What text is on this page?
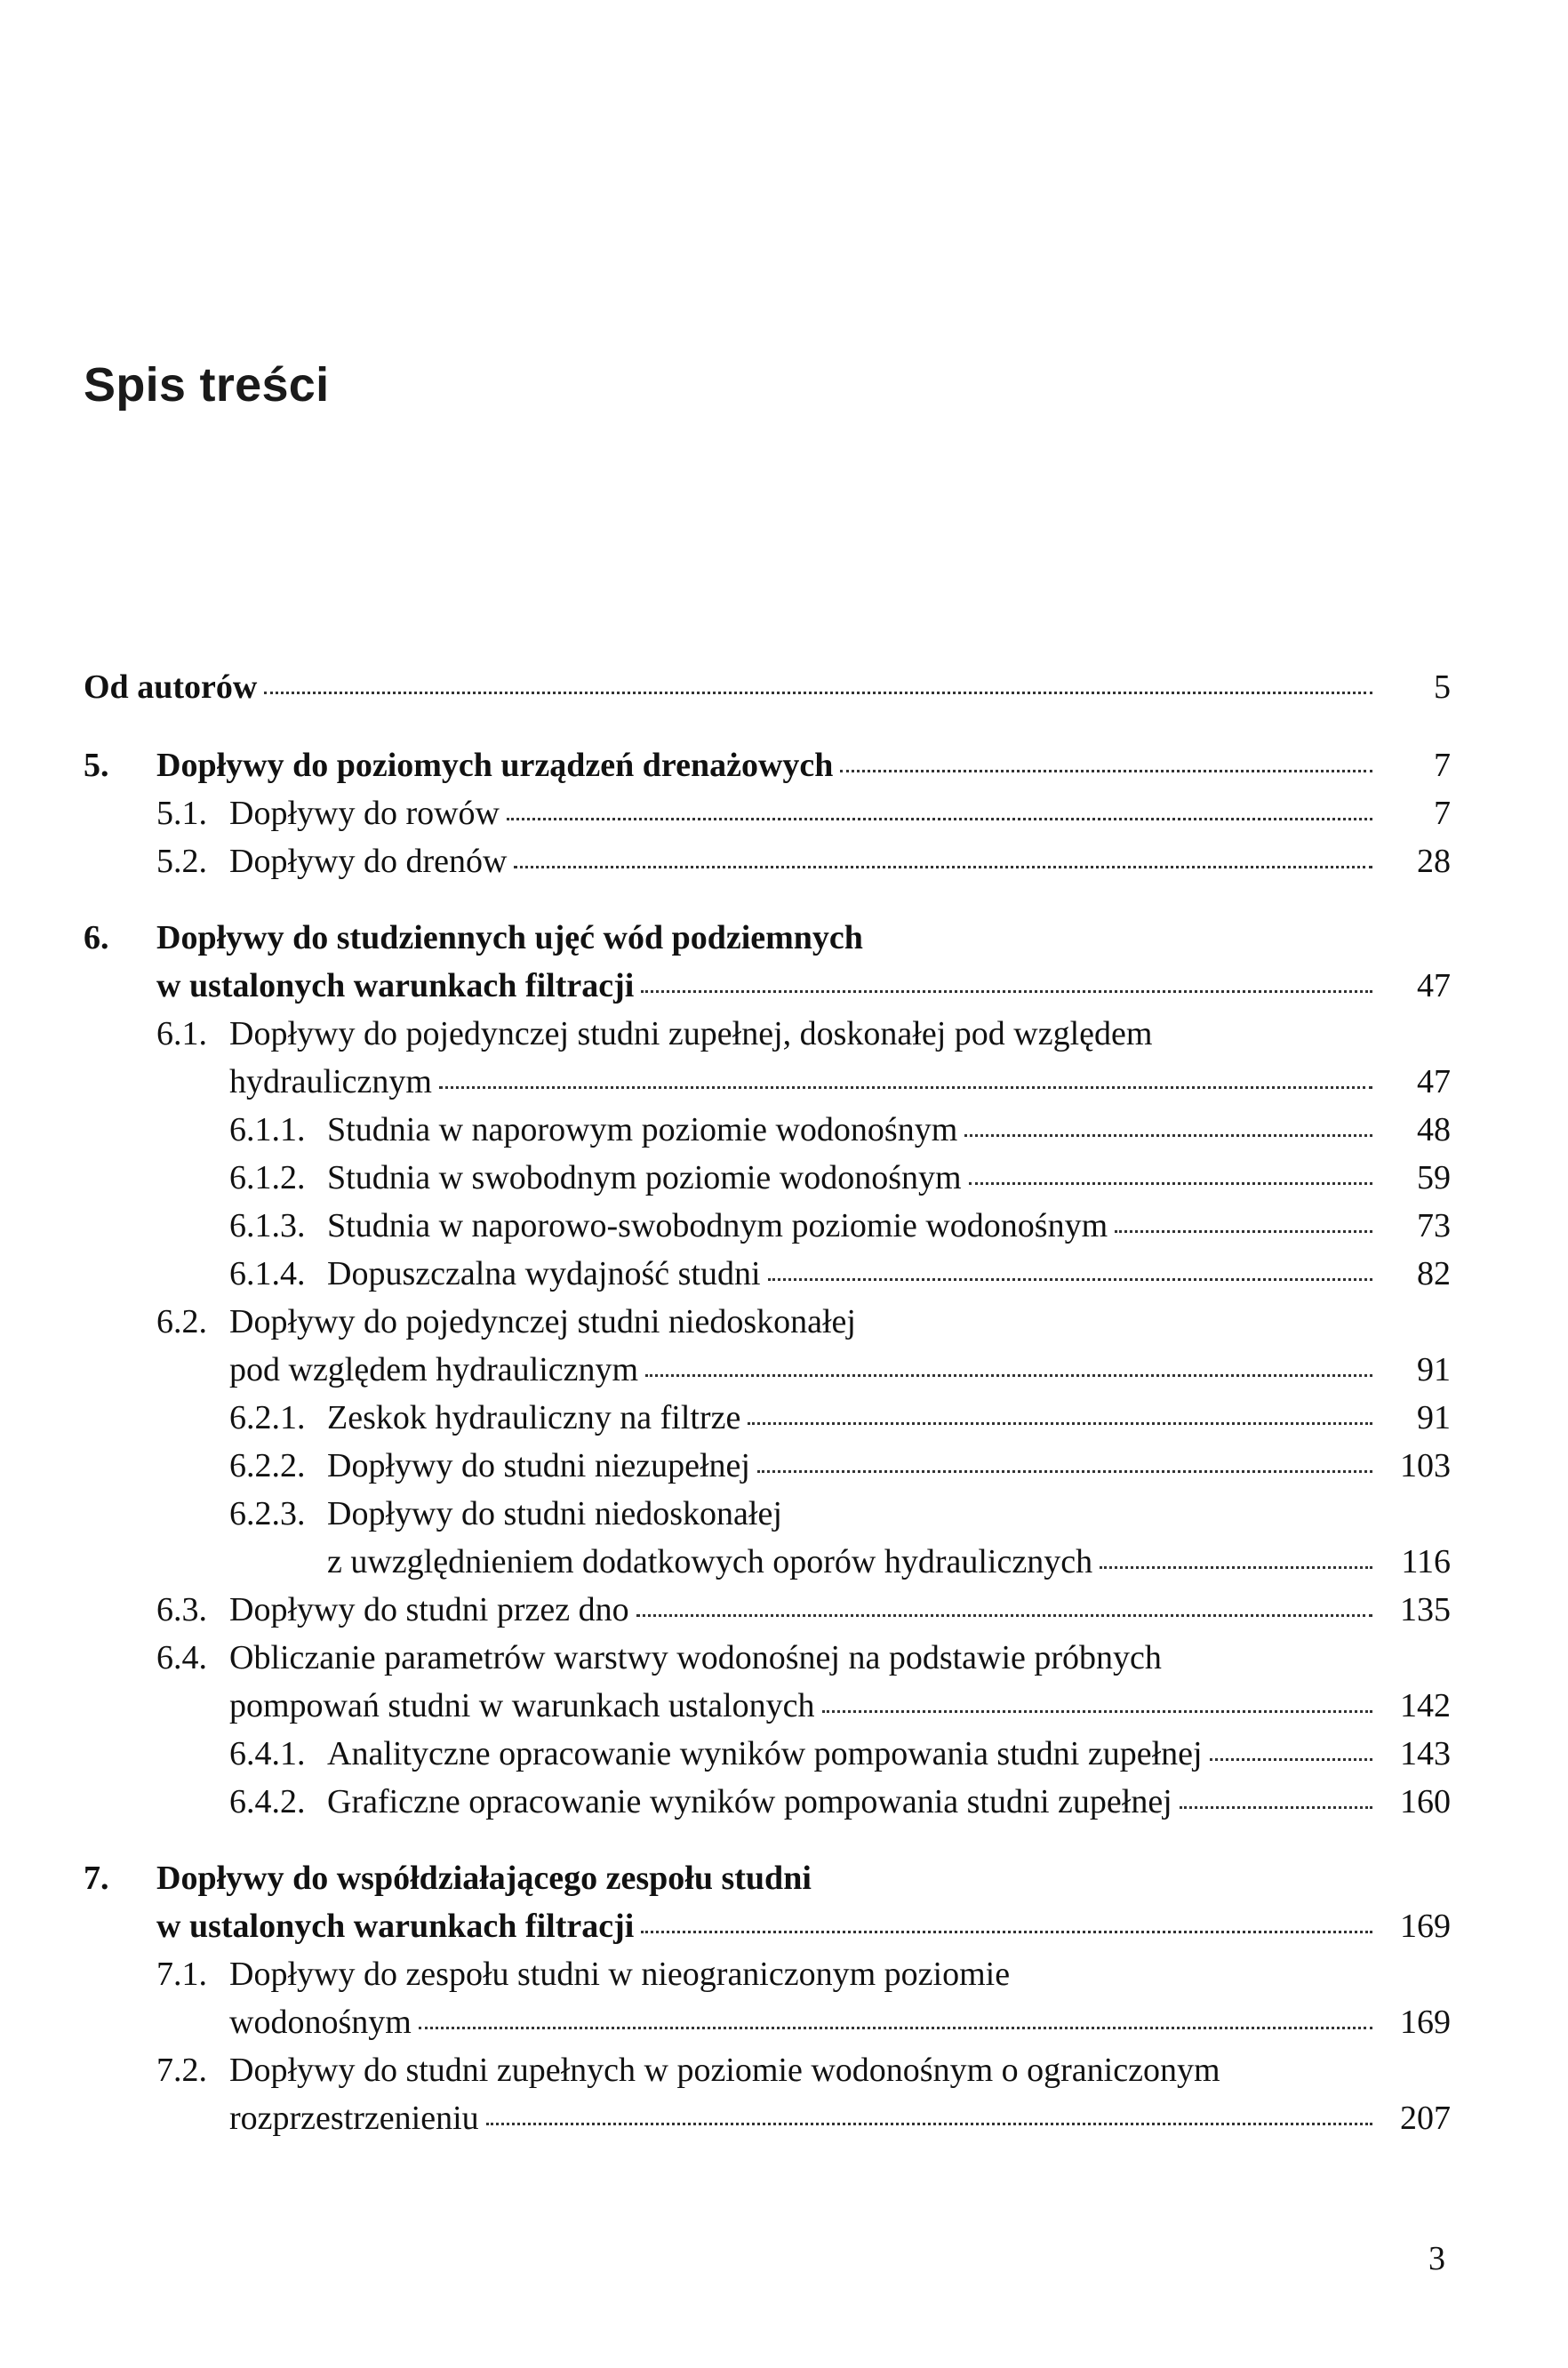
Spis treści
Od autorów	5
5.	Dopływy do poziomych urządzeń drenażowych	7
5.1. Dopływy do rowów	7
5.2. Dopływy do drenów	28
6.	Dopływy do studziennych ujęć wód podziemnych
w ustalonych warunkach filtracji	47
6.1. Dopływy do pojedynczej studni zupełnej, doskonałej pod względem
hydraulicznym	47
6.1.1. Studnia w naporowym poziomie wodonośnym	48
6.1.2. Studnia w swobodnym poziomie wodonośnym	59
6.1.3. Studnia w naporowo-swobodnym poziomie wodonośnym	73
6.1.4. Dopuszczalna wydajność studni	82
6.2. Dopływy do pojedynczej studni niedoskonałej
pod względem hydraulicznym	91
6.2.1. Zeskok hydrauliczny na filtrze	91
6.2.2. Dopływy do studni niezupełnej	103
6.2.3. Dopływy do studni niedoskonałej
z uwzględnieniem dodatkowych oporów hydraulicznych	116
6.3. Dopływy do studni przez dno	135
6.4. Obliczanie parametrów warstwy wodonośnej na podstawie próbnych
pompowań studni w warunkach ustalonych	142
6.4.1. Analityczne opracowanie wyników pompowania studni zupełnej	143
6.4.2. Graficzne opracowanie wyników pompowania studni zupełnej	160
7.	Dopływy do współdziałającego zespołu studni
w ustalonych warunkach filtracji	169
7.1. Dopływy do zespołu studni w nieograniczonym poziomie
wodonośnym	169
7.2. Dopływy do studni zupełnych w poziomie wodonośnym o ograniczonym
rozprzestrzenieniu	207
3
